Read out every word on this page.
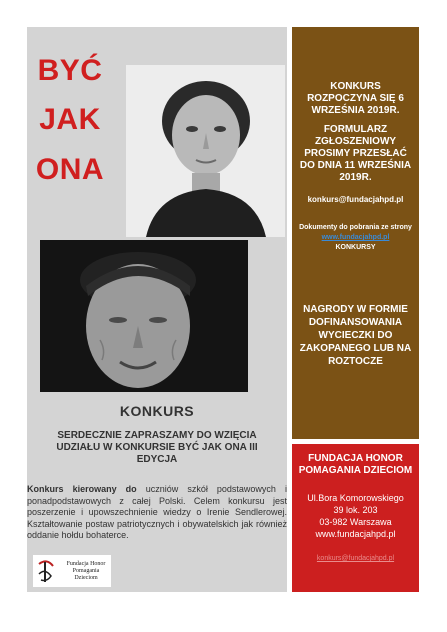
BYĆ
JAK
ONA
KONKURS
SERDECZNIE ZAPRASZAMY DO WZIĘCIA UDZIAŁU W KONKURSIE BYĆ JAK ONA III EDYCJA
Konkurs kierowany do uczniów szkół podstawowych i ponadpodstawowych z całej Polski. Celem konkursu jest poszerzenie i upowszechnienie wiedzy o Irenie Sendlerowej. Kształtowanie postaw patriotycznych i obywatelskich jak również oddanie hołdu bohaterce.
Fundacja Honor Pomagania Dzieciom
KONKURS ROZPOCZYNA SIĘ 6 WRZEŚNIA 2019R.
FORMULARZ ZGŁOSZENIOWY PROSIMY PRZESŁAĆ DO DNIA 11 WRZEŚNIA 2019R.
konkurs@fundacjahpd.pl
Dokumenty do pobrania ze strony www.fundacjahpd.pl
KONKURSY
NAGRODY W FORMIE DOFINANSOWANIA WYCIECZKI DO ZAKOPANEGO LUB NA ROZTOCZE
FUNDACJA HONOR POMAGANIA DZIECIOM
Ul.Bora Komorowskiego
39 lok. 203
03-982 Warszawa
www.fundacjahpd.pl
konkurs@fundacjahpd.pl
